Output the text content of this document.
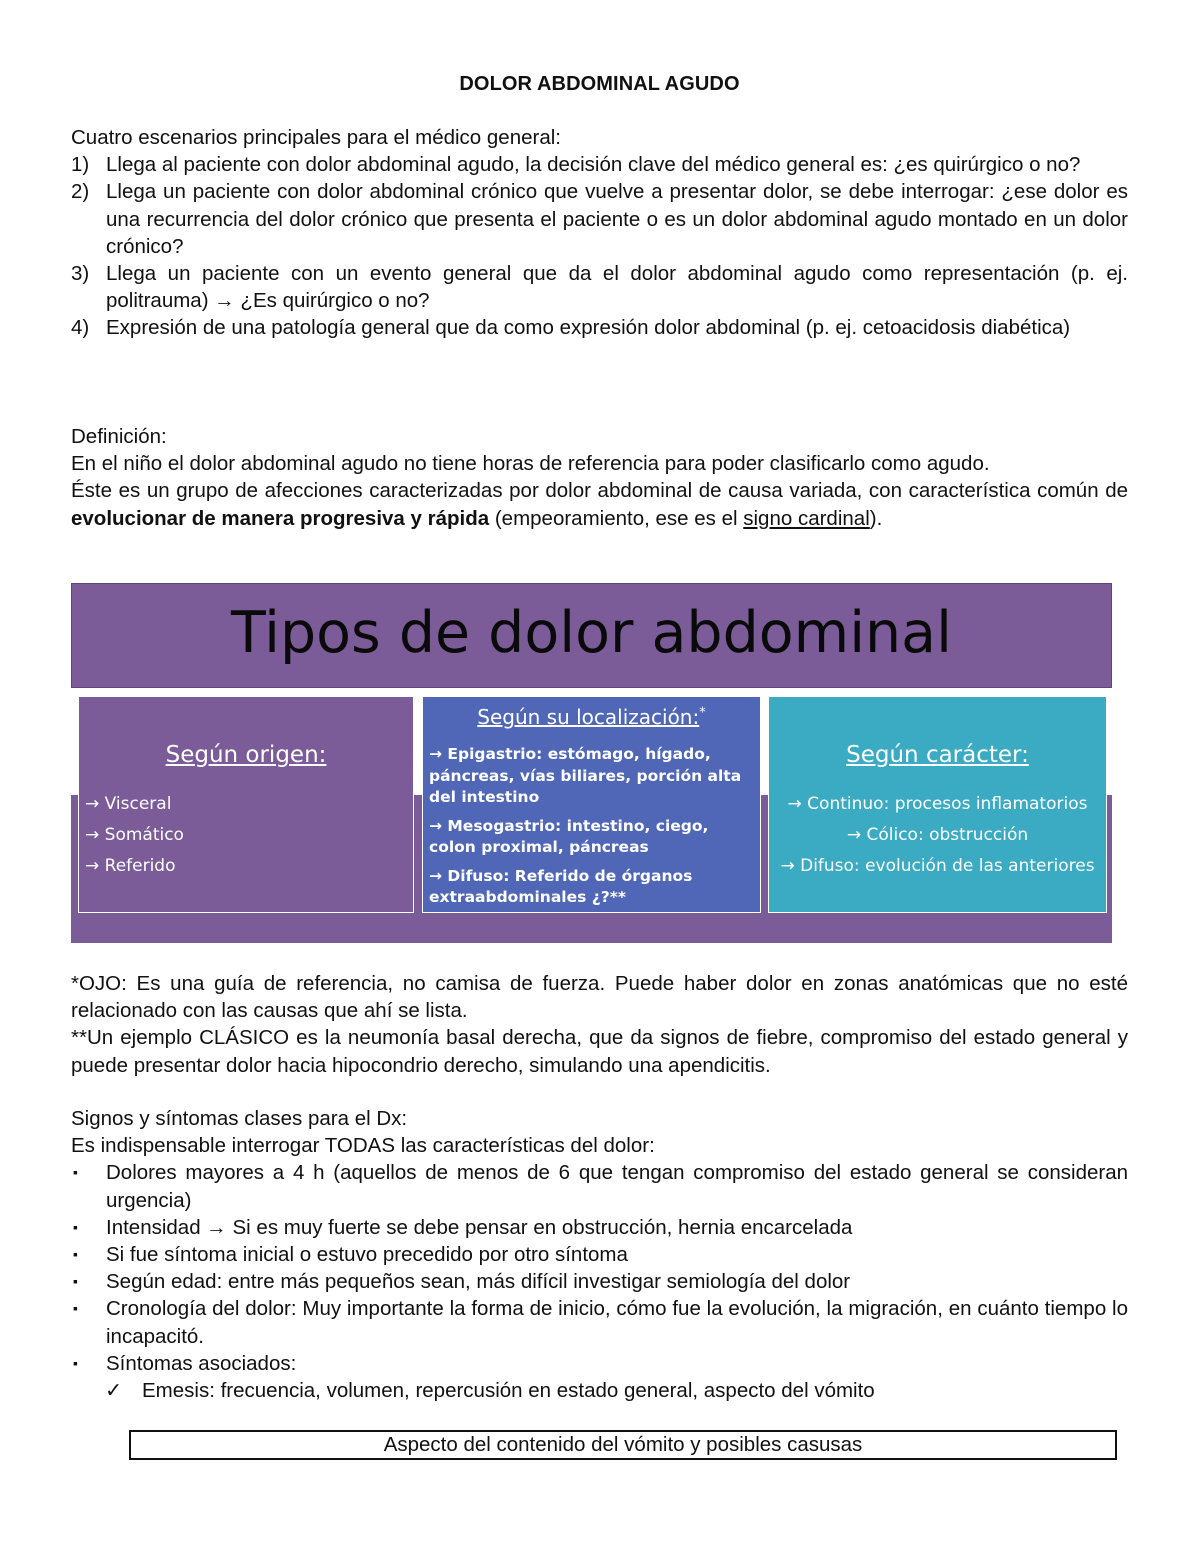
DOLOR ABDOMINAL AGUDO
Cuatro escenarios principales para el médico general:
1) Llega al paciente con dolor abdominal agudo, la decisión clave del médico general es: ¿es quirúrgico o no?
2) Llega un paciente con dolor abdominal crónico que vuelve a presentar dolor, se debe interrogar: ¿ese dolor es una recurrencia del dolor crónico que presenta el paciente o es un dolor abdominal agudo montado en un dolor crónico?
3) Llega un paciente con un evento general que da el dolor abdominal agudo como representación (p. ej. politrauma) → ¿Es quirúrgico o no?
4) Expresión de una patología general que da como expresión dolor abdominal (p. ej. cetoacidosis diabética)
Definición:
En el niño el dolor abdominal agudo no tiene horas de referencia para poder clasificarlo como agudo.
Éste es un grupo de afecciones caracterizadas por dolor abdominal de causa variada, con característica común de evolucionar de manera progresiva y rápida (empeoramiento, ese es el signo cardinal).
Tipos de dolor abdominal
Según origen:
→ Visceral
→ Somático
→ Referido
Según su localización:*
→ Epigastrio: estómago, hígado, páncreas, vías biliares, porción alta del intestino
→ Mesogastrio: intestino, ciego, colon proximal, páncreas
→ Difuso: Referido de órganos extraabdominales ¿?**
Según carácter:
→ Continuo: procesos inflamatorios
→ Cólico: obstrucción
→ Difuso: evolución de las anteriores
*OJO: Es una guía de referencia, no camisa de fuerza. Puede haber dolor en zonas anatómicas que no esté relacionado con las causas que ahí se lista.
**Un ejemplo CLÁSICO es la neumonía basal derecha, que da signos de fiebre, compromiso del estado general y puede presentar dolor hacia hipocondrio derecho, simulando una apendicitis.
Signos y síntomas clases para el Dx:
Es indispensable interrogar TODAS las características del dolor:
▪ Dolores mayores a 4 h (aquellos de menos de 6 que tengan compromiso del estado general se consideran urgencia)
▪ Intensidad → Si es muy fuerte se debe pensar en obstrucción, hernia encarcelada
▪ Si fue síntoma inicial o estuvo precedido por otro síntoma
▪ Según edad: entre más pequeños sean, más difícil investigar semiología del dolor
▪ Cronología del dolor: Muy importante la forma de inicio, cómo fue la evolución, la migración, en cuánto tiempo lo incapacitó.
▪ Síntomas asociados:
✓ Emesis: frecuencia, volumen, repercusión en estado general, aspecto del vómito
Aspecto del contenido del vómito y posibles casusas
